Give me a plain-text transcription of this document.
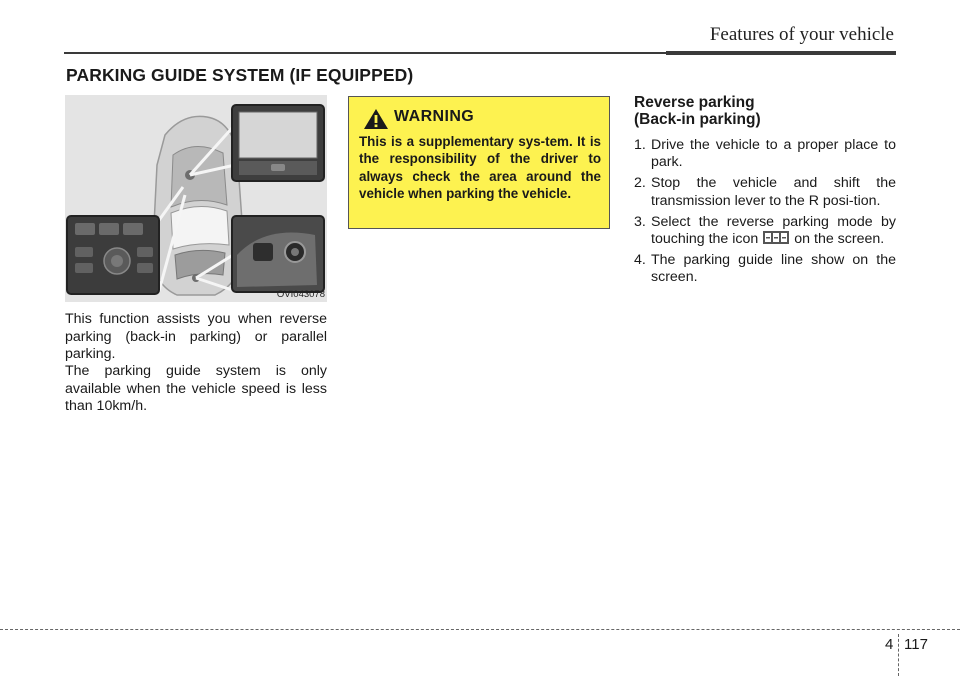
Features of your vehicle
PARKING GUIDE SYSTEM (IF EQUIPPED)
OVI043078
This function assists you when reverse parking (back-in parking) or parallel parking.
The parking guide system is only available when the vehicle speed is less than 10km/h.
WARNING
This is a supplementary sys-tem. It is the responsibility of the driver to always check the area around the vehicle when parking the vehicle.
Reverse parking
(Back-in parking)
1. Drive the vehicle to a proper place to park.
2. Stop the vehicle and shift the transmission lever to the R posi-tion.
3. Select the reverse parking mode by touching the icon	on the screen.
4. The parking guide line show on the screen.
4 117
